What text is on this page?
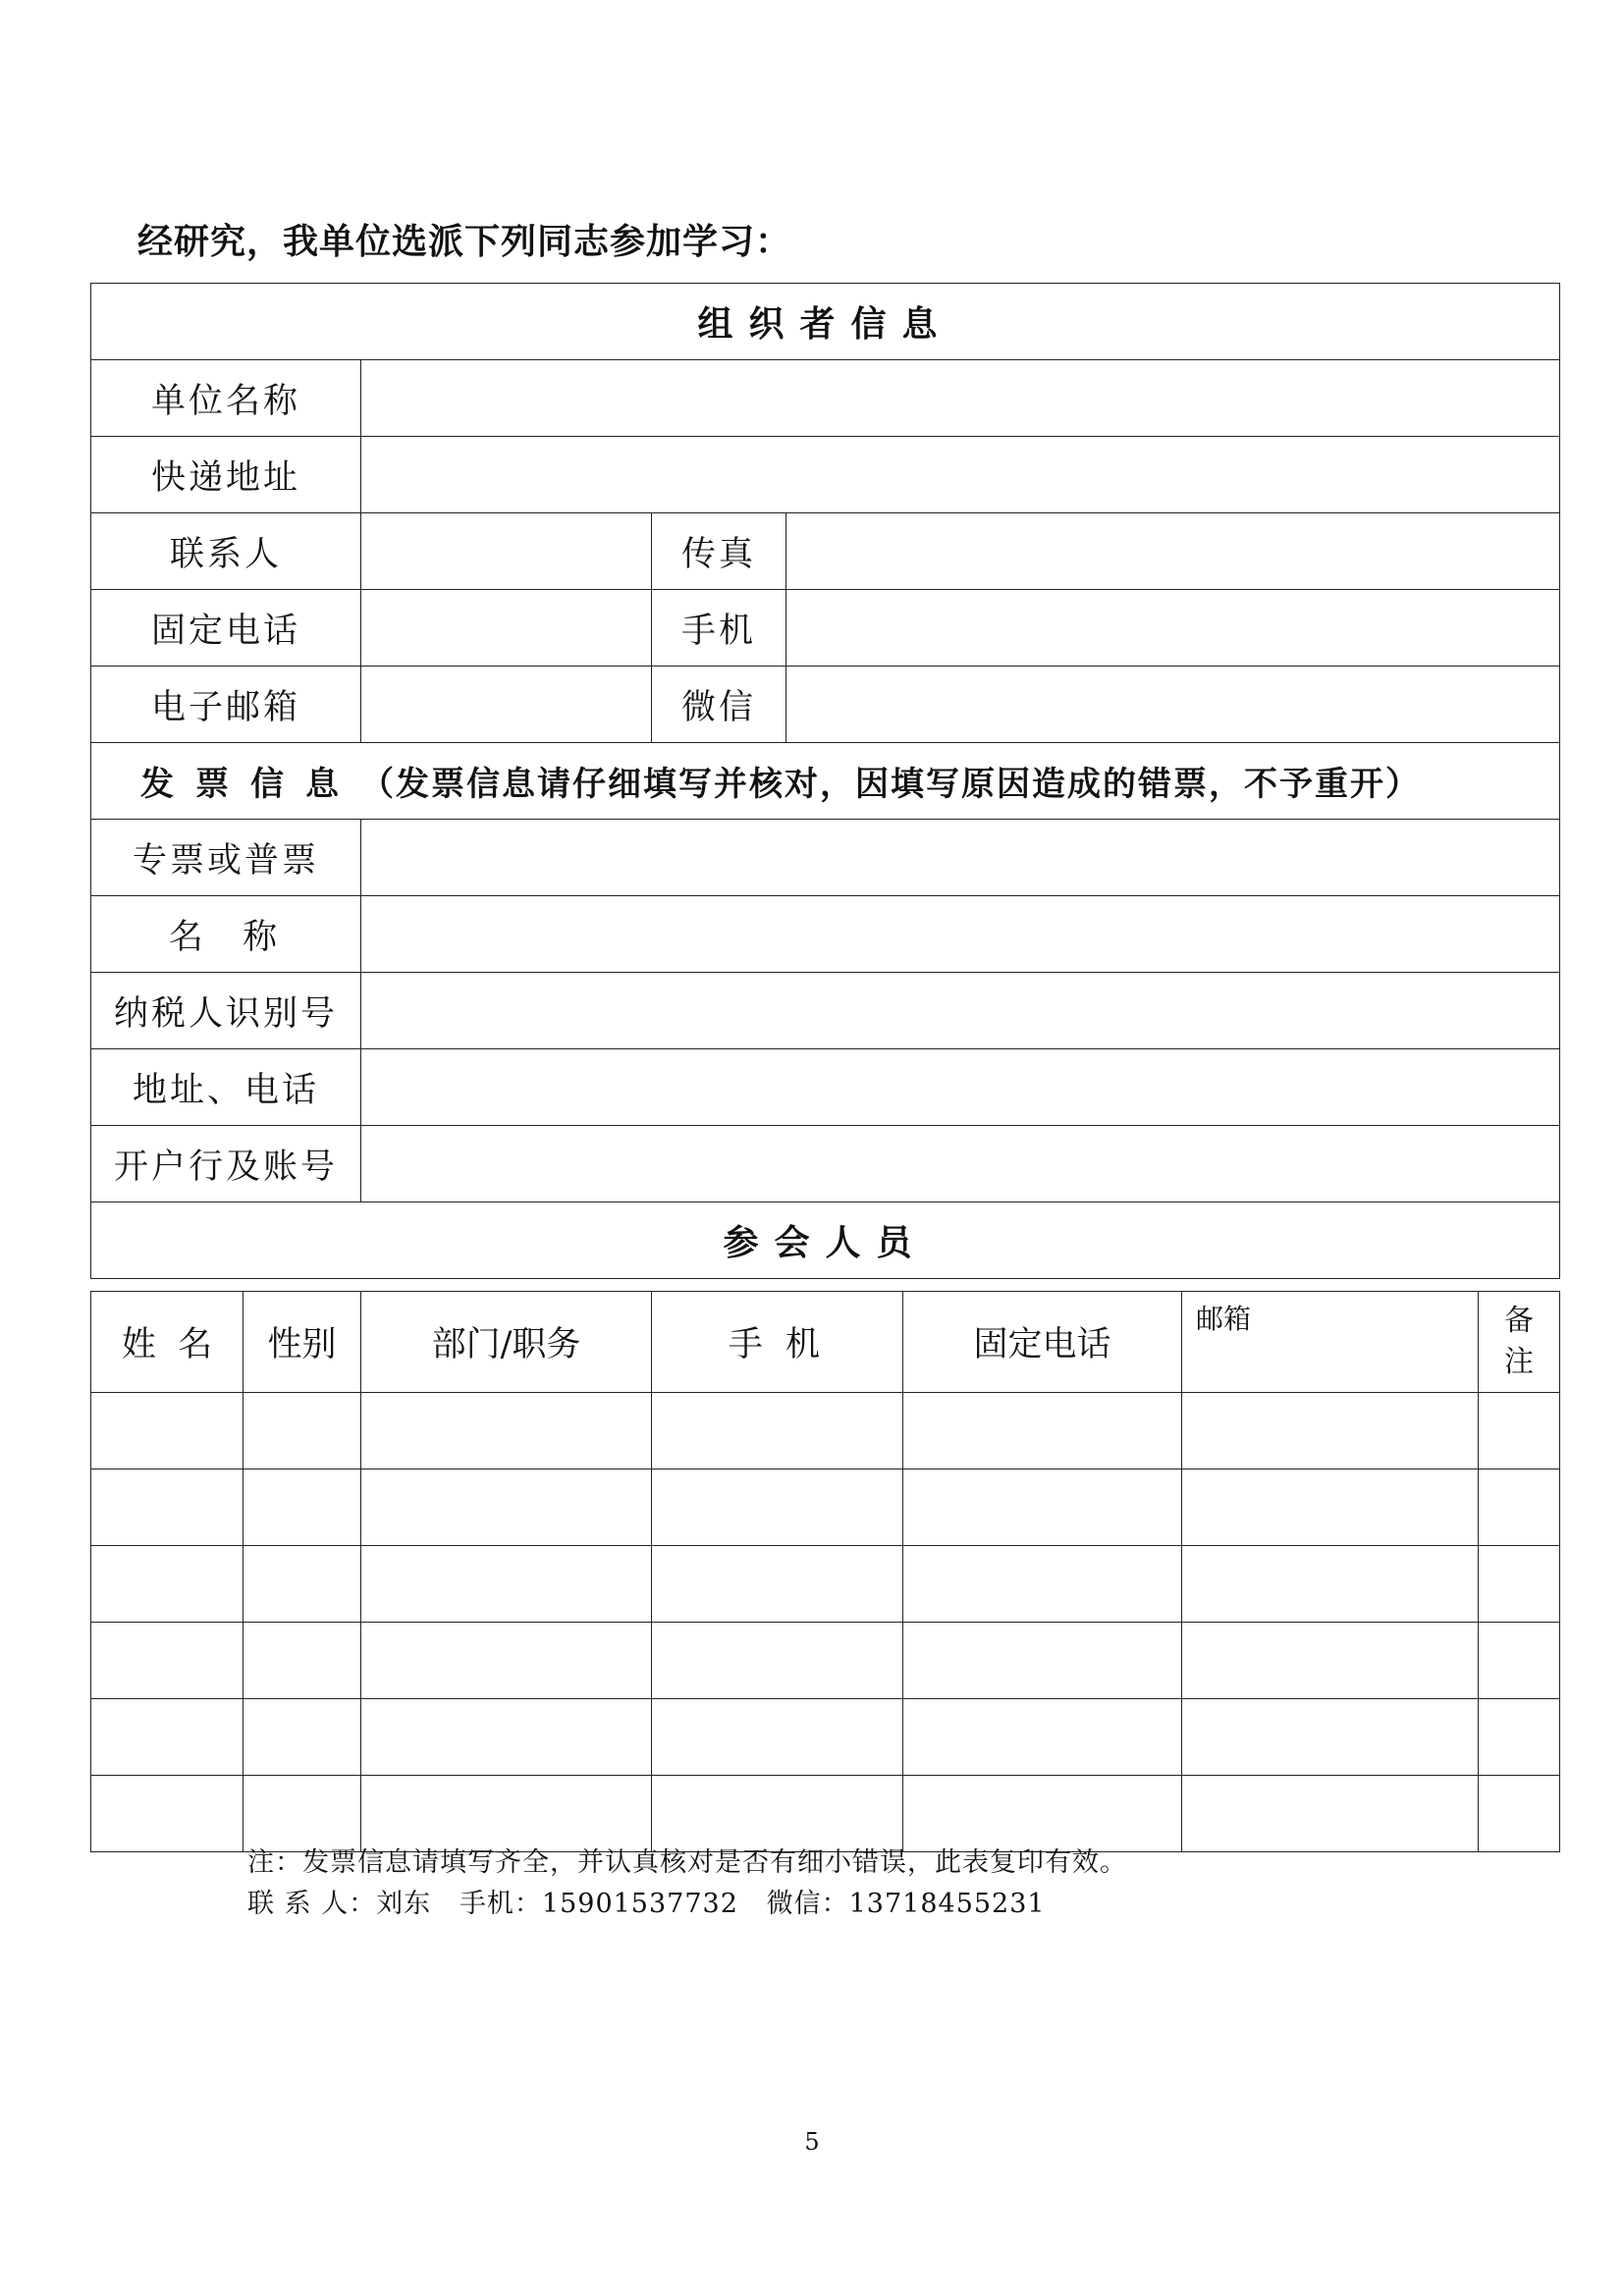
经研究，我单位选派下列同志参加学习：
组织者信息			
单位名称			
快递地址			
联系人		传真	
固定电话		手机	
电子邮箱		微信	
发票信息（发票信息请仔细填写并核对，因填写原因造成的错票，不予重开）			
专票或普票			
名  称			
纳税人识别号			
地址、电话			
开户行及账号			
参会人员			
姓  名	性别	部门/职务	手 机	固定电话	邮箱	备注

注：发票信息请填写齐全，并认真核对是否有细小错误，此表复印有效。
联 系 人：刘东   手机：15901537732   微信：13718455231
5
